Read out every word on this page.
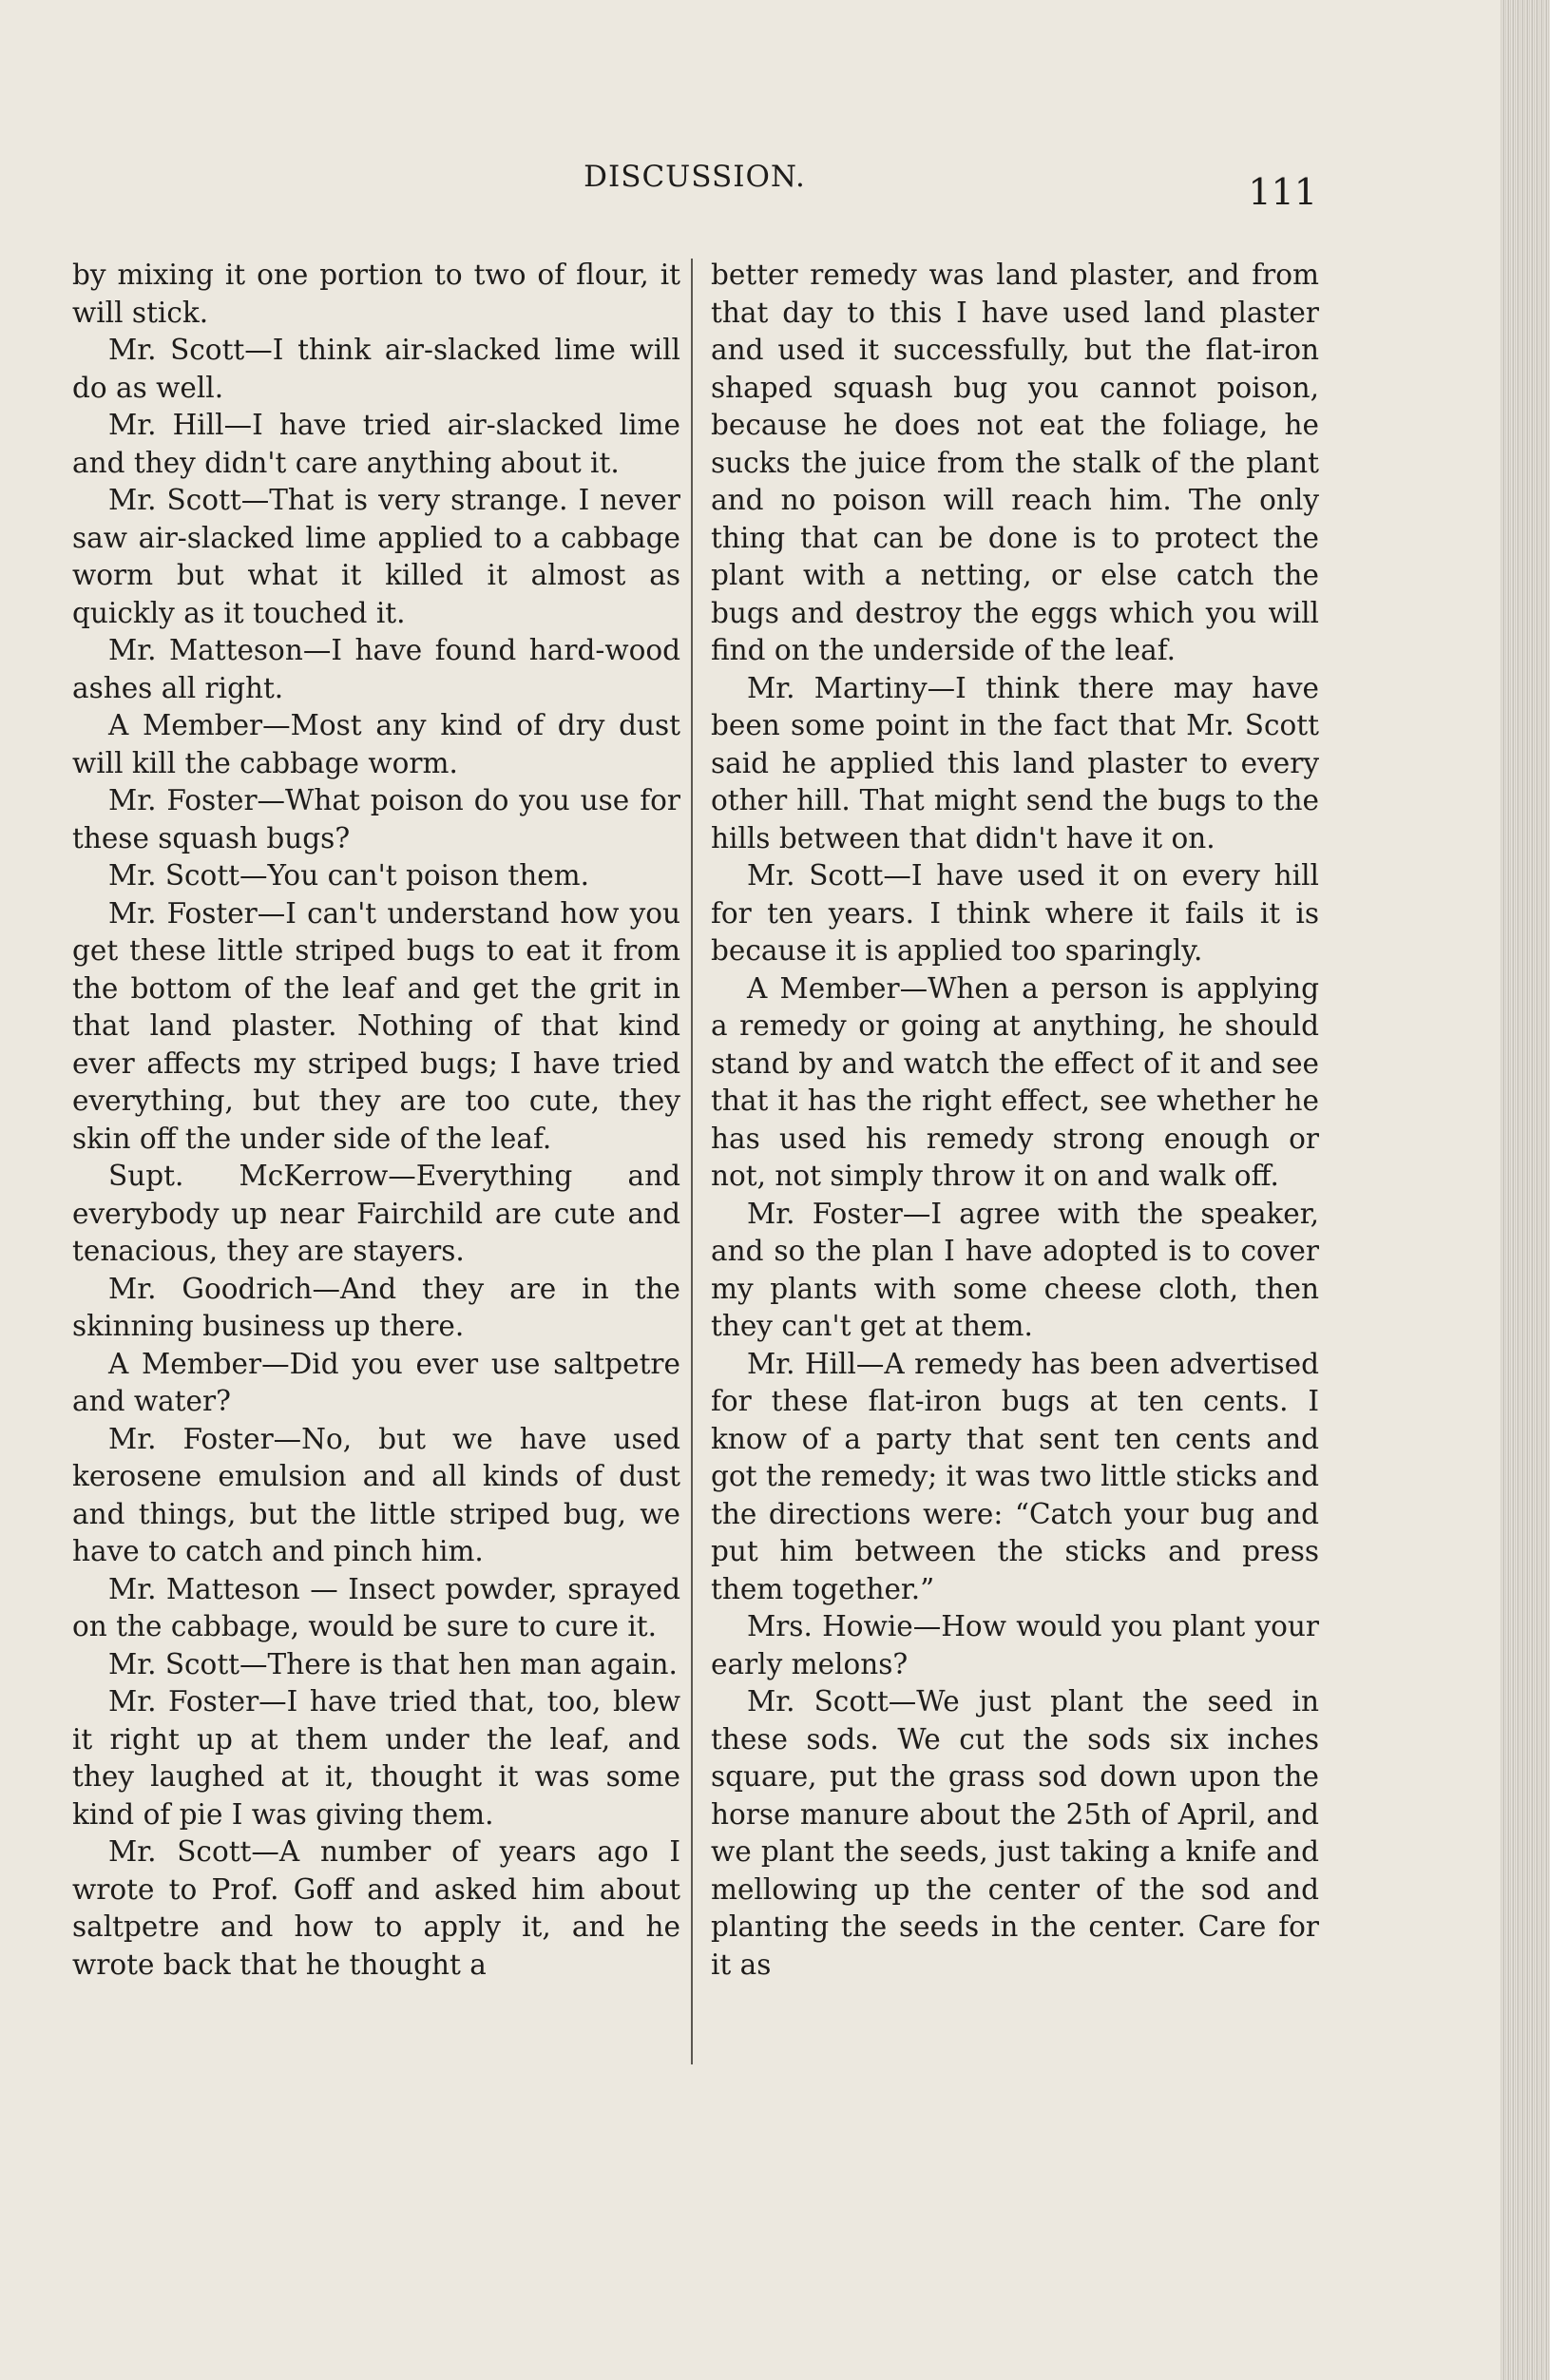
DISCUSSION.	111

by mixing it one portion to two of flour, it will stick.

Mr. Scott—I think air-slacked lime will do as well.

Mr. Hill—I have tried air-slacked lime and they didn't care anything about it.

Mr. Scott—That is very strange. I never saw air-slacked lime applied to a cabbage worm but what it killed it almost as quickly as it touched it.

Mr. Matteson—I have found hard-wood ashes all right.

A Member—Most any kind of dry dust will kill the cabbage worm.

Mr. Foster—What poison do you use for these squash bugs?

Mr. Scott—You can't poison them.

Mr. Foster—I can't understand how you get these little striped bugs to eat it from the bottom of the leaf and get the grit in that land plaster. Nothing of that kind ever affects my striped bugs; I have tried everything, but they are too cute, they skin off the under side of the leaf.

Supt. McKerrow—Everything and everybody up near Fairchild are cute and tenacious, they are stayers.

Mr. Goodrich—And they are in the skinning business up there.

A Member—Did you ever use saltpetre and water?

Mr. Foster—No, but we have used kerosene emulsion and all kinds of dust and things, but the little striped bug, we have to catch and pinch him.

Mr. Matteson — Insect powder, sprayed on the cabbage, would be sure to cure it.

Mr. Scott—There is that hen man again.

Mr. Foster—I have tried that, too, blew it right up at them under the leaf, and they laughed at it, thought it was some kind of pie I was giving them.

Mr. Scott—A number of years ago I wrote to Prof. Goff and asked him about saltpetre and how to apply it, and he wrote back that he thought a

better remedy was land plaster, and from that day to this I have used land plaster and used it successfully, but the flat-iron shaped squash bug you cannot poison, because he does not eat the foliage, he sucks the juice from the stalk of the plant and no poison will reach him. The only thing that can be done is to protect the plant with a netting, or else catch the bugs and destroy the eggs which you will find on the underside of the leaf.

Mr. Martiny—I think there may have been some point in the fact that Mr. Scott said he applied this land plaster to every other hill. That might send the bugs to the hills between that didn't have it on.

Mr. Scott—I have used it on every hill for ten years. I think where it fails it is because it is applied too sparingly.

A Member—When a person is applying a remedy or going at anything, he should stand by and watch the effect of it and see that it has the right effect, see whether he has used his remedy strong enough or not, not simply throw it on and walk off.

Mr. Foster—I agree with the speaker, and so the plan I have adopted is to cover my plants with some cheese cloth, then they can't get at them.

Mr. Hill—A remedy has been advertised for these flat-iron bugs at ten cents. I know of a party that sent ten cents and got the remedy; it was two little sticks and the directions were: “Catch your bug and put him between the sticks and press them together.”

Mrs. Howie—How would you plant your early melons?

Mr. Scott—We just plant the seed in these sods. We cut the sods six inches square, put the grass sod down upon the horse manure about the 25th of April, and we plant the seeds, just taking a knife and mellowing up the center of the sod and planting the seeds in the center. Care for it as
